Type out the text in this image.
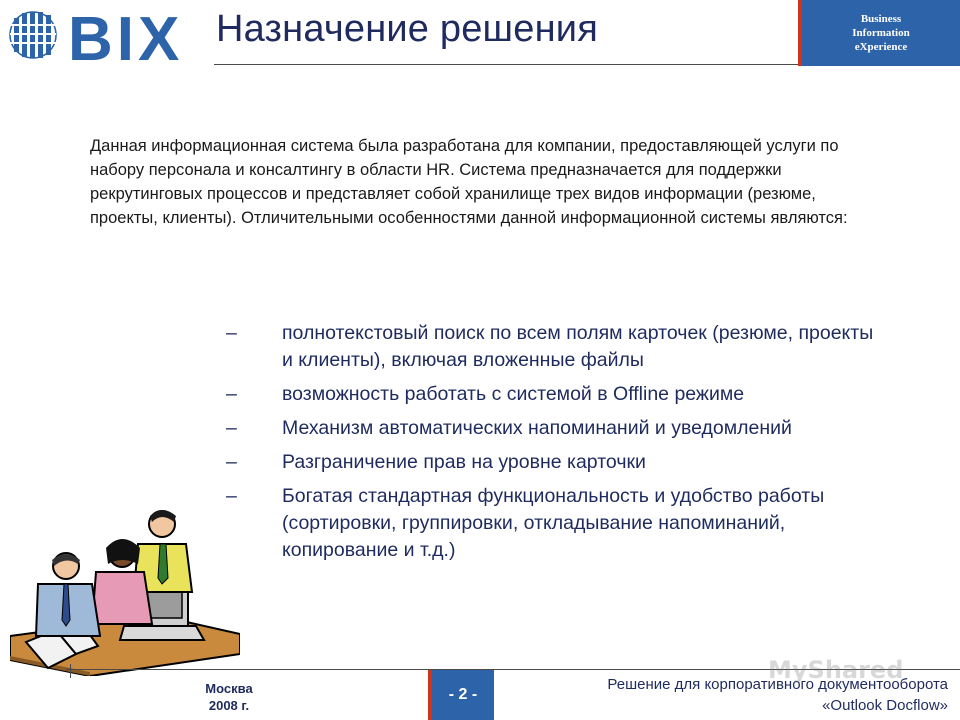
BIX Назначение решения	Business
Information
eXperience

Данная информационная система была разработана для компании, предоставляющей услуги по набору персонала и консалтингу в области HR. Система предназначается для поддержки рекрутинговых процессов и представляет собой хранилище трех видов информации (резюме, проекты, клиенты). Отличительными особенностями данной информационной системы являются:

–	полнотекстовый поиск по всем полям карточек (резюме, проекты и клиенты), включая вложенные файлы
–	возможность работать с системой в Offline режиме
–	Механизм автоматических напоминаний и уведомлений
–	Разграничение прав на уровне карточки
–	Богатая стандартная функциональность и удобство работы (сортировки, группировки, откладывание напоминаний, копирование и т.д.)
Москва
2008 г.
- 2 -
Решение для корпоративного документооборота
«Outlook Docflow»
MyShared
